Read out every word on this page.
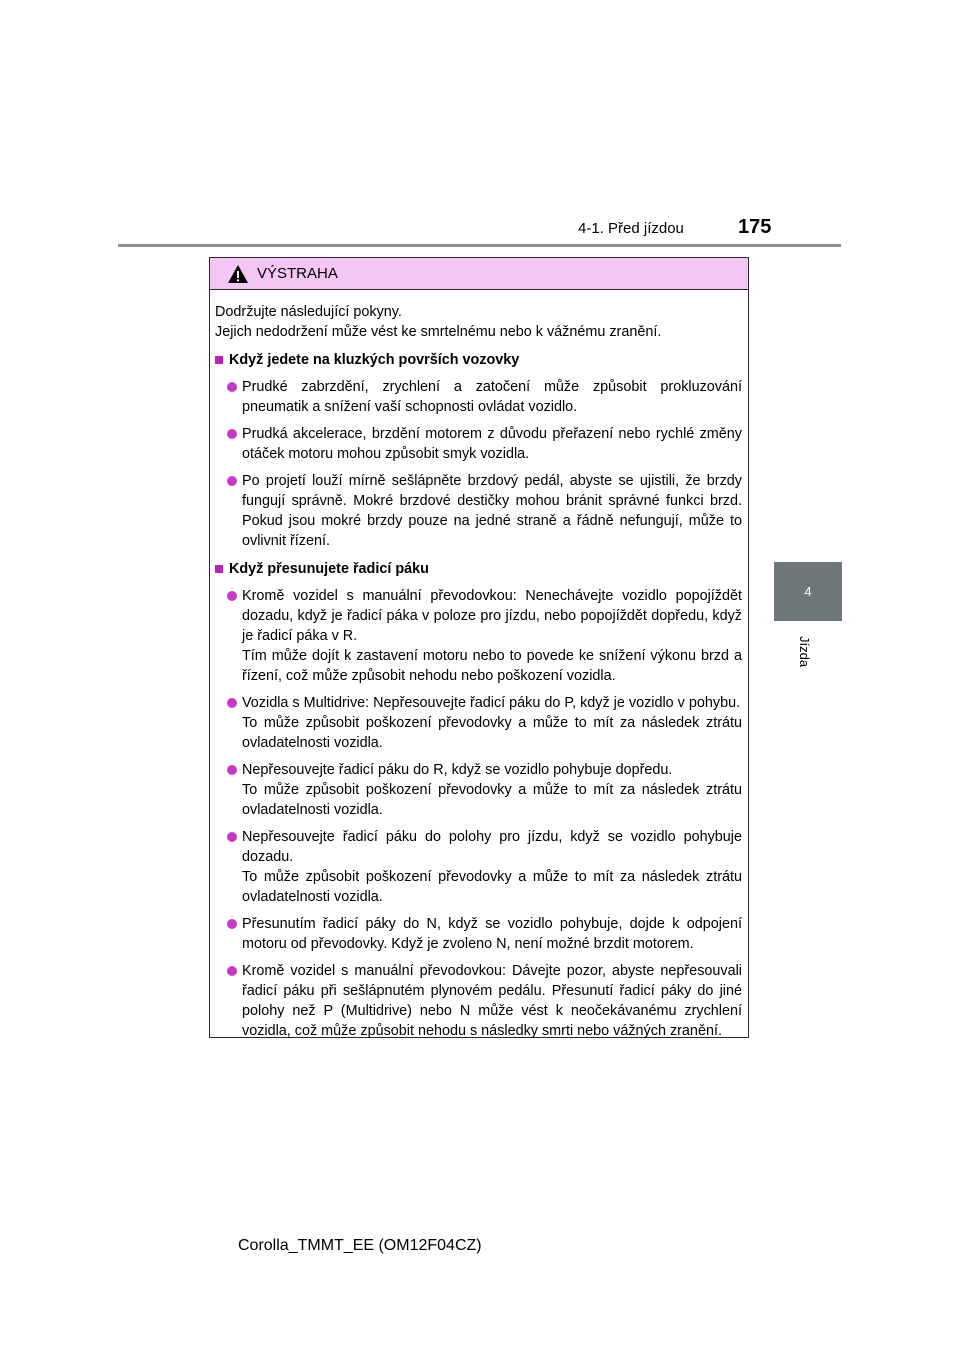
4-1. Před jízdou	175
4
Jízda
VÝSTRAHA

Dodržujte následující pokyny.

Jejich nedodržení může vést ke smrtelnému nebo k vážnému zranění.

Když jedete na kluzkých površích vozovky
Prudké zabrzdění, zrychlení a zatočení může způsobit prokluzování pneumatik a snížení vaší schopnosti ovládat vozidlo.
Prudká akcelerace, brzdění motorem z důvodu přeřazení nebo rychlé změny otáček motoru mohou způsobit smyk vozidla.
Po projetí louží mírně sešlápněte brzdový pedál, abyste se ujistili, že brzdy fungují správně. Mokré brzdové destičky mohou bránit správné funkci brzd. Pokud jsou mokré brzdy pouze na jedné straně a řádně nefungují, může to ovlivnit řízení.
Když přesunujete řadicí páku
Kromě vozidel s manuální převodovkou: Nenechávejte vozidlo popojíždět dozadu, když je řadicí páka v poloze pro jízdu, nebo popojíždět dopředu, když je řadicí páka v R.
Tím může dojít k zastavení motoru nebo to povede ke snížení výkonu brzd a řízení, což může způsobit nehodu nebo poškození vozidla.
Vozidla s Multidrive: Nepřesouvejte řadicí páku do P, když je vozidlo v pohybu.
To může způsobit poškození převodovky a může to mít za následek ztrátu ovladatelnosti vozidla.
Nepřesouvejte řadicí páku do R, když se vozidlo pohybuje dopředu.
To může způsobit poškození převodovky a může to mít za následek ztrátu ovladatelnosti vozidla.
Nepřesouvejte řadicí páku do polohy pro jízdu, když se vozidlo pohybuje dozadu.
To může způsobit poškození převodovky a může to mít za následek ztrátu ovladatelnosti vozidla.
Přesunutím řadicí páky do N, když se vozidlo pohybuje, dojde k odpojení motoru od převodovky. Když je zvoleno N, není možné brzdit motorem.
Kromě vozidel s manuální převodovkou: Dávejte pozor, abyste nepřesouvali řadicí páku při sešlápnutém plynovém pedálu. Přesunutí řadicí páky do jiné polohy než P (Multidrive) nebo N může vést k neočekávanému zrychlení vozidla, což může způsobit nehodu s následky smrti nebo vážných zranění.
Corolla_TMMT_EE (OM12F04CZ)
